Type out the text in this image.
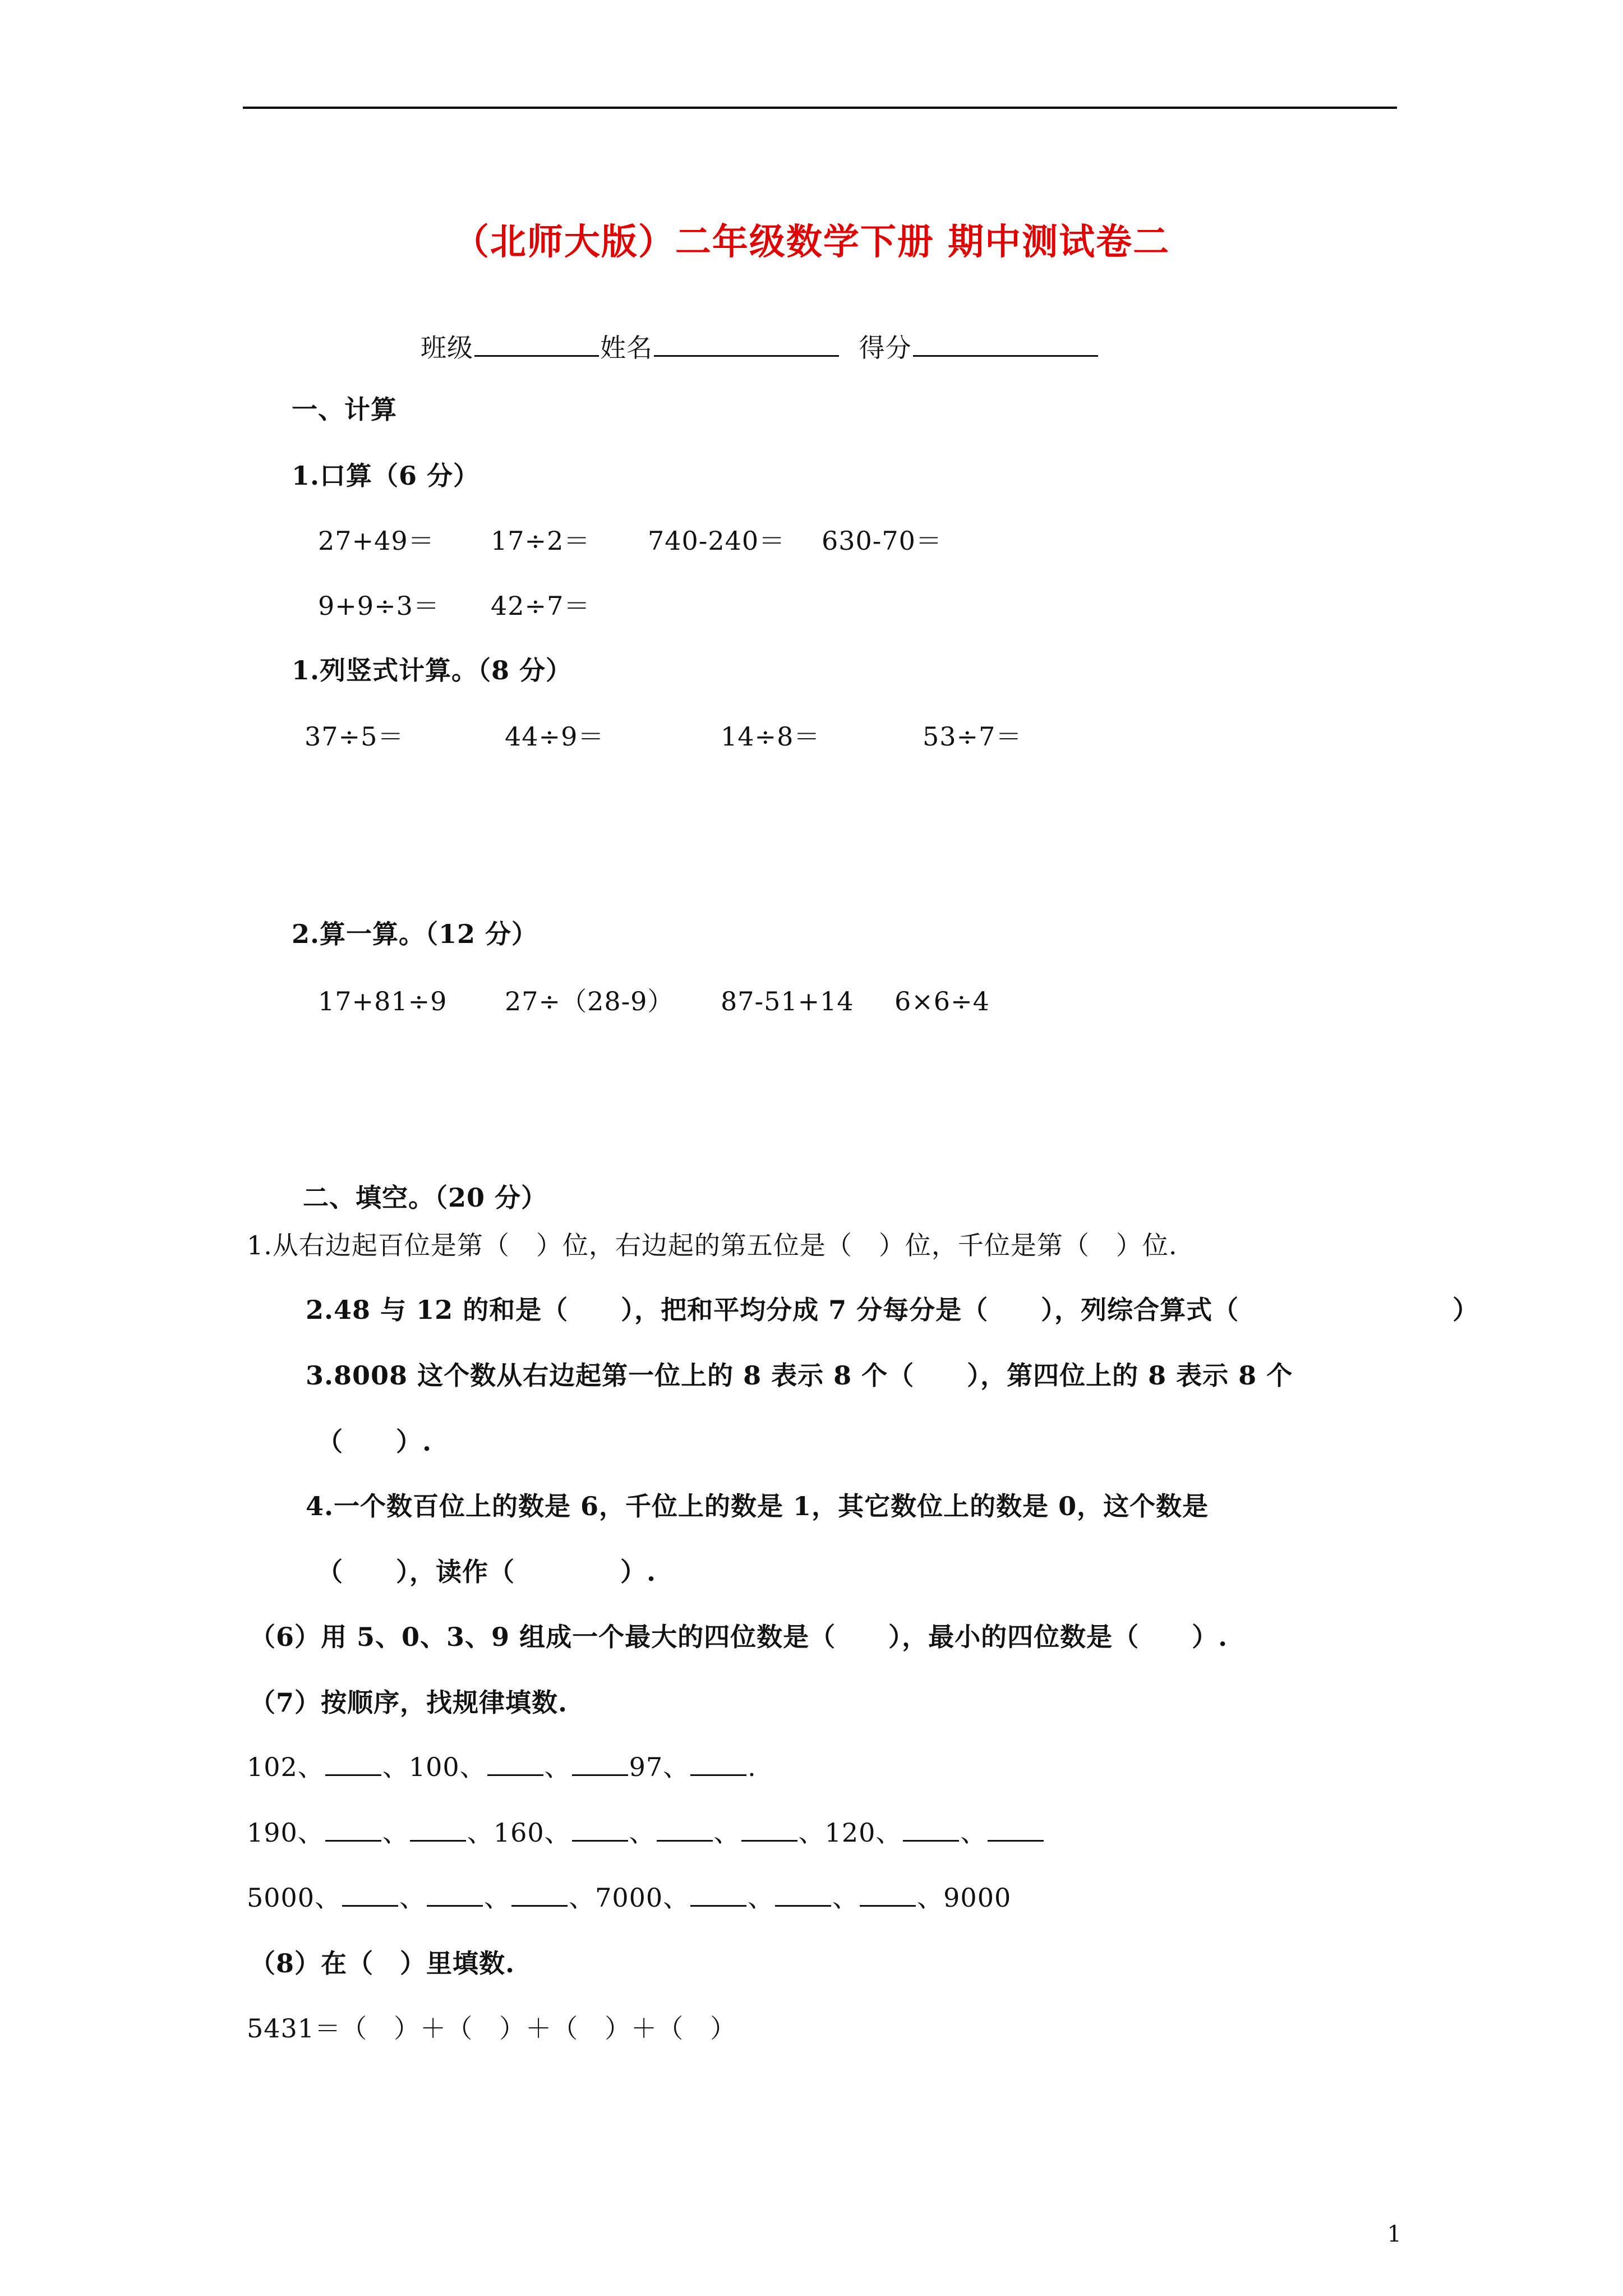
（北师大版）二年级数学下册 期中测试卷二
班级	姓名	得分
一、计算
1.口算（6 分）
27+49＝ 17÷2＝ 740-240＝ 630-70＝
9+9÷3＝ 42÷7＝
1.列竖式计算。（8 分）
37÷5＝	44÷9＝	14÷8＝	53÷7＝
2.算一算。（12 分）
17+81÷9 27÷（28-9） 87-51+14 6×6÷4
二、填空。（20 分）
1.从右边起百位是第（　）位，右边起的第五位是（　）位，千位是第（　）位.
2.48 与 12 的和是（　　），把和平均分成 7 分每分是（　　），列综合算式（	）
3.8008 这个数从右边起第一位上的 8 表示 8 个（　　），第四位上的 8 表示 8 个
（　　）.
4.一个数百位上的数是 6，千位上的数是 1，其它数位上的数是 0，这个数是
（　　），读作（　　　　）.
（6）用 5、0、3、9 组成一个最大的四位数是（　　），最小的四位数是（　　）.
（7）按顺序，找规律填数.
102、 、100、 、 97、 .
190、 、 、160、 、 、 、120、 、
5000、 、 、 、7000、 、 、 、9000
（8）在（　）里填数.
5431＝（　）＋（　）＋（　）＋（　）
1
